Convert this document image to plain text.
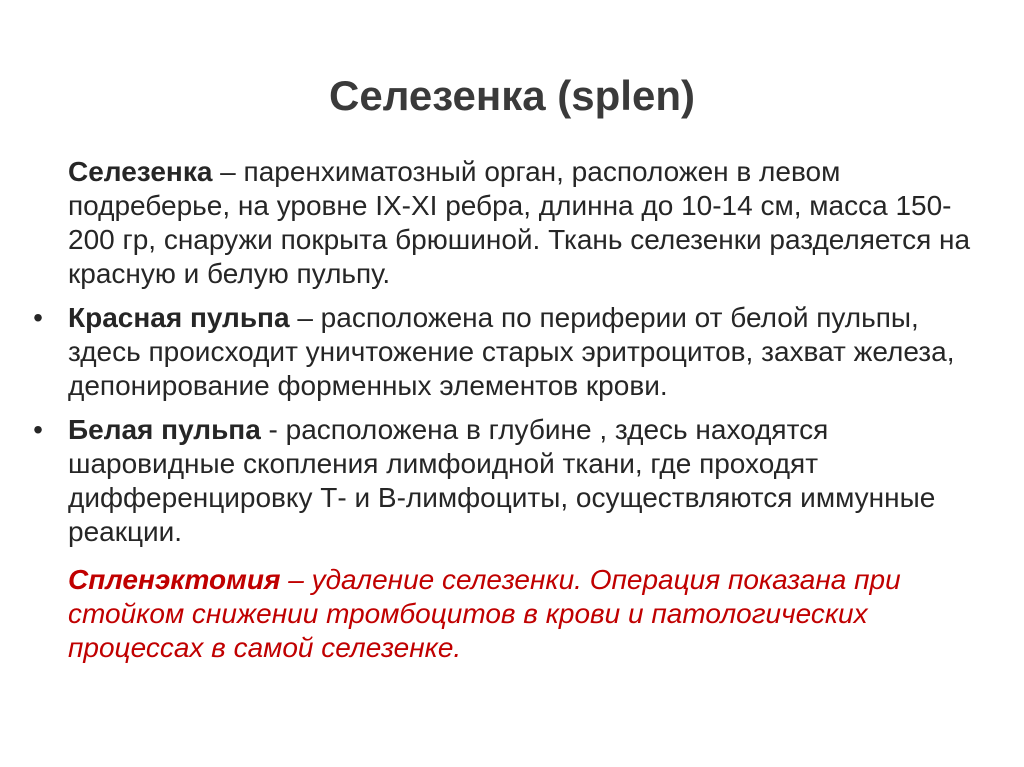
Селезенка (splen)

Селезенка – паренхиматозный орган, расположен в левом подреберье, на уровне IX-XI ребра, длинна до 10-14 см, масса 150-200 гр, снаружи покрыта брюшиной. Ткань селезенки разделяется на красную и белую пульпу.

• Красная пульпа – расположена по периферии от белой пульпы, здесь происходит уничтожение старых эритроцитов, захват железа, депонирование форменных элементов крови.

• Белая пульпа - расположена в глубине , здесь находятся шаровидные скопления лимфоидной ткани, где проходят дифференцировку Т- и В-лимфоциты, осуществляются иммунные реакции.

Спленэктомия – удаление селезенки. Операция показана при стойком снижении тромбоцитов в крови и патологических процессах в самой селезенке.
